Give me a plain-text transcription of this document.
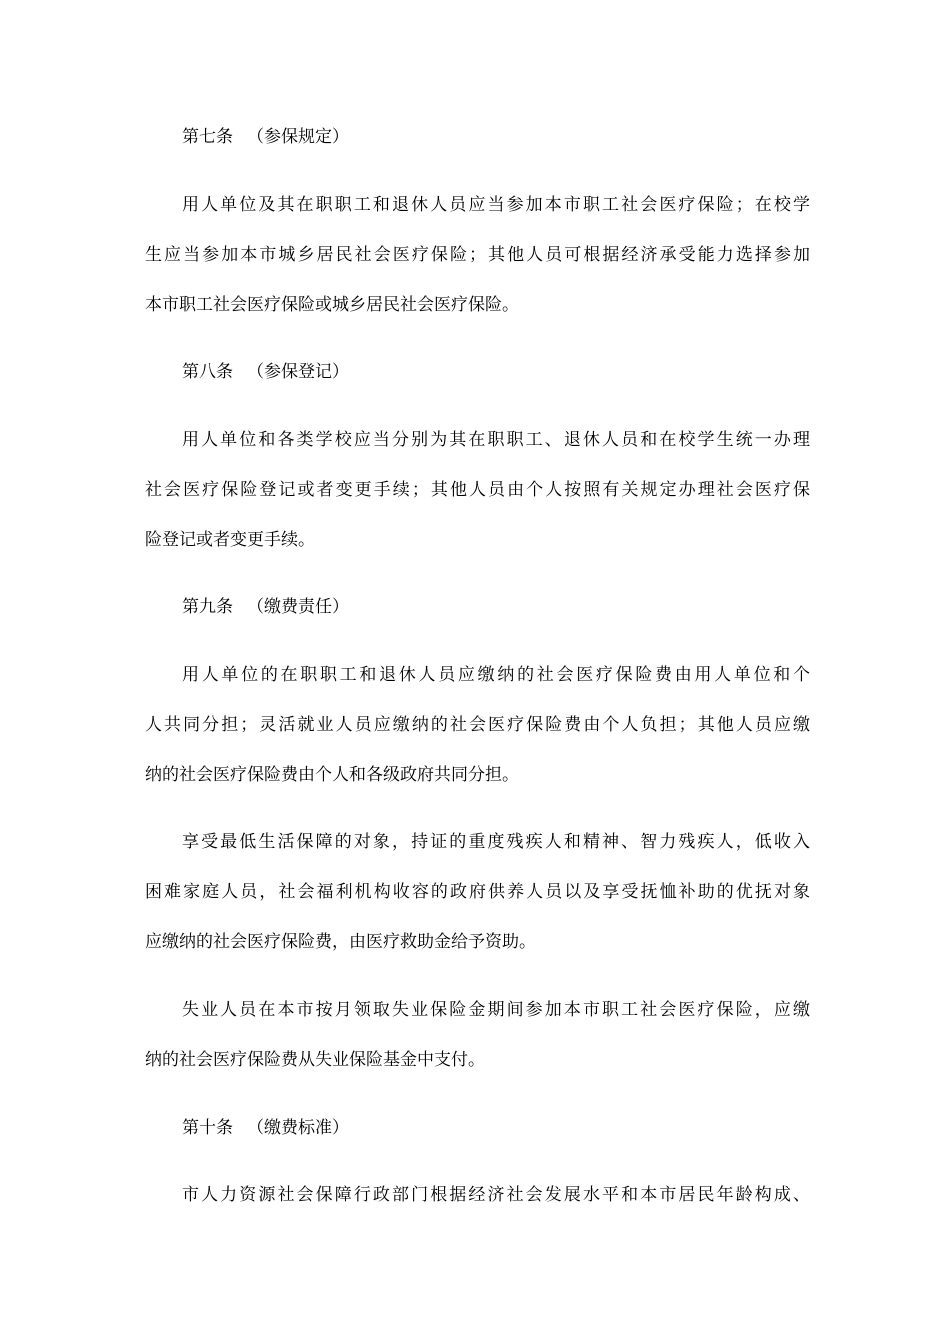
第七条 （参保规定）
用人单位及其在职职工和退休人员应当参加本市职工社会医疗保险；在校学
生应当参加本市城乡居民社会医疗保险；其他人员可根据经济承受能力选择参加
本市职工社会医疗保险或城乡居民社会医疗保险。
第八条 （参保登记）
用人单位和各类学校应当分别为其在职职工、退休人员和在校学生统一办理
社会医疗保险登记或者变更手续；其他人员由个人按照有关规定办理社会医疗保
险登记或者变更手续。
第九条 （缴费责任）
用人单位的在职职工和退休人员应缴纳的社会医疗保险费由用人单位和个
人共同分担；灵活就业人员应缴纳的社会医疗保险费由个人负担；其他人员应缴
纳的社会医疗保险费由个人和各级政府共同分担。
享受最低生活保障的对象，持证的重度残疾人和精神、智力残疾人，低收入
困难家庭人员，社会福利机构收容的政府供养人员以及享受抚恤补助的优抚对象
应缴纳的社会医疗保险费，由医疗救助金给予资助。
失业人员在本市按月领取失业保险金期间参加本市职工社会医疗保险，应缴
纳的社会医疗保险费从失业保险基金中支付。
第十条 （缴费标准）
市人力资源社会保障行政部门根据经济社会发展水平和本市居民年龄构成、
